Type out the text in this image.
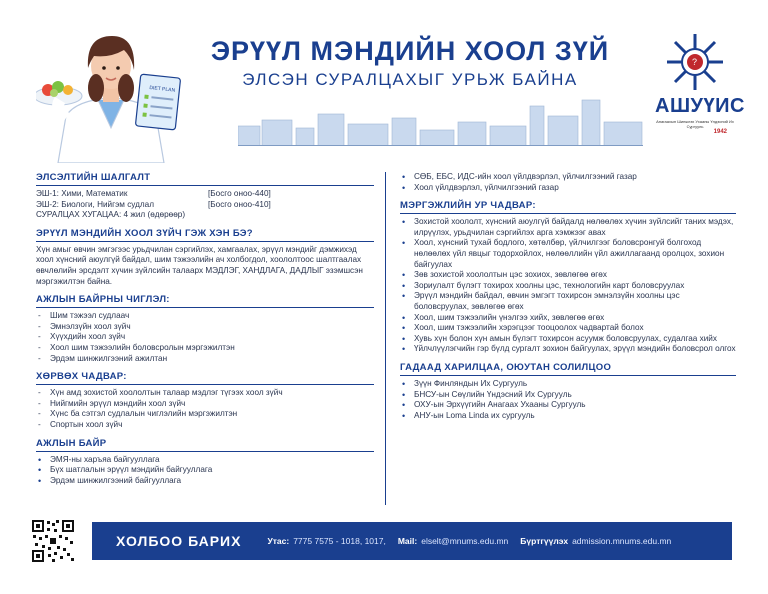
DIET PLAN
ЭРҮҮЛ МЭНДИЙН ХООЛ ЗҮЙ
ЭЛСЭН СУРАЛЦАХЫГ УРЬЖ БАЙНА
?
АШУҮИС
Анагаахын Шинжлэх Ухааны Үндэсний Их Сургууль
1942
ЭЛСЭЛТИЙН ШАЛГАЛТ
ЭШ-1: Хими, Математик	[Босго оноо-440]
ЭШ-2: Биологи, Нийгэм судлал	[Босго оноо-410]
СУРАЛЦАХ ХУГАЦАА: 4 жил (өдөрөөр)
ЭРҮҮЛ МЭНДИЙН ХООЛ ЗҮЙЧ ГЭЖ ХЭН БЭ?
Хүн амыг өвчин эмгэгээс урьдчилан сэргийлэх, хамгаалах, эрүүл мэндийг дэмжихэд хоол хүнсний аюулгүй байдал, шим тэжээлийн ач холбогдол, хоололтоос шалтгаалах өвчлөлийн эрсдэлт хүчин зүйлсийн талаарх МЭДЛЭГ, ХАНДЛАГА, ДАДЛЫГ эзэмшсэн мэргэжилтэн байна.
АЖЛЫН БАЙРНЫ ЧИГЛЭЛ:
- Шим тэжээл судлаач
- Эмнэлзүйн хоол зүйч
- Хүүхдийн хоол зүйч
- Хоол шим тэжээлийн боловсролын мэргэжилтэн
- Эрдэм шинжилгээний ажилтан
ХӨРВӨХ ЧАДВАР:
- Хүн амд зохистой хоололтын талаар мэдлэг түгээх хоол зүйч
- Нийгмийн эрүүл мэндийн хоол зүйч
- Хүнс ба сэтгэл судлалын чиглэлийн мэргэжилтэн
- Спортын хоол зүйч
АЖЛЫН БАЙР
• ЭМЯ-ны харъяа байгууллага
• Бүх шатлалын эрүүл мэндийн байгууллага
• Эрдэм шинжилгээний байгууллага
• СӨБ, ЕБС, ИДС-ийн хоол үйлдвэрлэл, үйлчилгээний газар
• Хоол үйлдвэрлэл, үйлчилгээний газар
МЭРГЭЖЛИЙН УР ЧАДВАР:
• Зохистой хоололт, хүнсний аюулгүй байдалд нөлөөлөх хүчин зүйлсийг таних мэдэх, илрүүлэх, урьдчилан сэргийлэх арга хэмжээг авах
• Хоол, хүнсний тухай бодлого, хөтөлбөр, үйлчилгээг боловсронгуй болгоход нөлөөлөх үйл явцыг тодорхойлох, нөлөөллийн үйл ажиллагаанд оролцох, зохион байгуулах
• Зөв зохистой хоололтын цэс зохиох, зөвлөгөө өгөх
• Зориулалт бүлэгт тохирох хоолны цэс, технологийн карт боловсруулах
• Эрүүл мэндийн байдал, өвчин эмгэгт тохирсон эмнэлзүйн хоолны цэс боловсруулах, зөвлөгөө өгөх
• Хоол, шим тэжээлийн үнэлгээ хийх, зөвлөгөө өгөх
• Хоол, шим тэжээлийн хэрэгцээг тооцоолох чадвартай болох
• Хувь хүн болон хүн амын бүлэгт тохирсон асуумж боловсруулах, судалгаа хийх
• Үйлчлүүлэгчийн гэр бүлд сургалт зохион байгуулах, эрүүл мэндийн боловсрол олгох
ГАДААД ХАРИЛЦАА, ОЮУТАН СОЛИЛЦОО
• Зүүн Финляндын Их Сургууль
• БНСУ-ын Сөүлийн Үндэсний Их Сургууль
• ОХУ-ын Эрхүүгийн Анагаах Ухааны Сургууль
• АНУ-ын Loma Linda их сургууль
ХОЛБОО БАРИХ	Утас: 7775 7575 - 1018, 1017, Mail: elselt@mnums.edu.mn Бүртгүүлэх admission.mnums.edu.mn
